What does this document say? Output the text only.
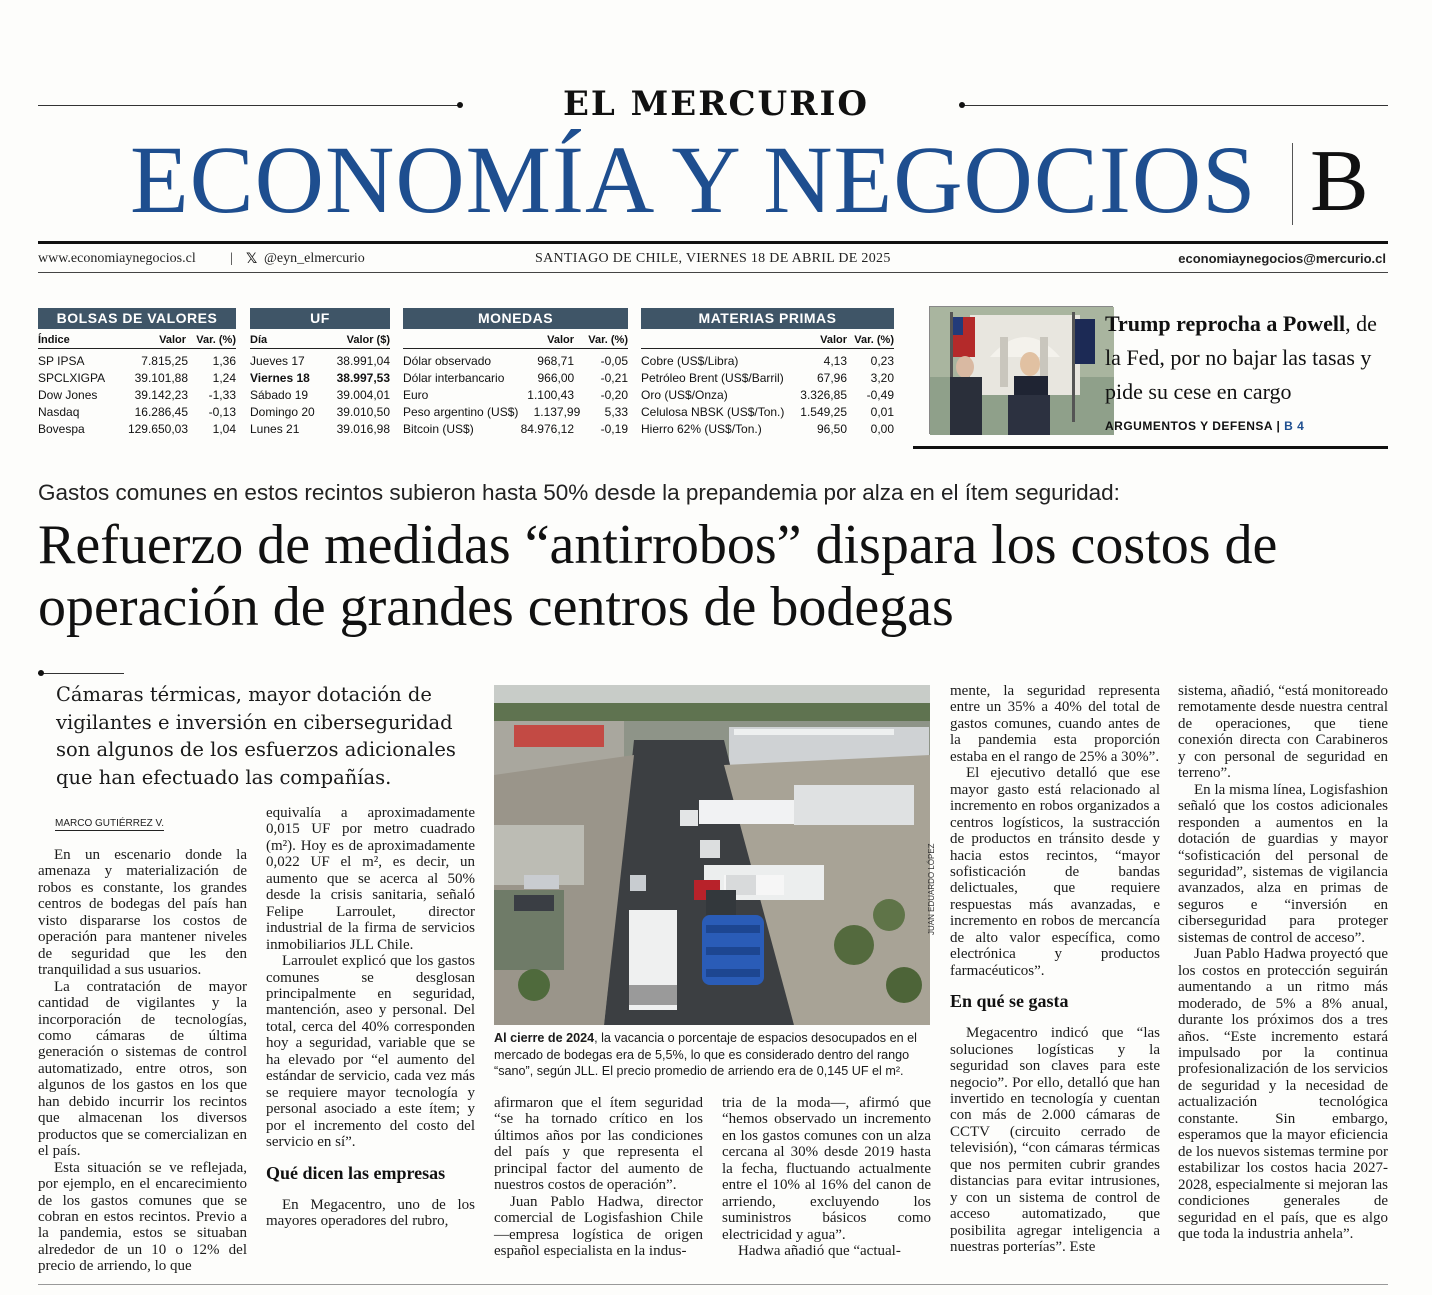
EL MERCURIO
ECONOMÍA Y NEGOCIOS B
www.economiaynegocios.cl | 𝕏 @eyn_elmercurio	SANTIAGO DE CHILE, VIERNES 18 DE ABRIL DE 2025	economiaynegocios@mercurio.cl
BOLSAS DE VALORES
Índice	Valor Var. (%)
SP IPSA	7.815,25	1,36
SPCLXIGPA	39.101,88	1,24
Dow Jones	39.142,23	-1,33
Nasdaq	16.286,45	-0,13
Bovespa	129.650,03	1,04
UF
Día	Valor ($)
Jueves 17	38.991,04
Viernes 18	38.997,53
Sábado 19	39.004,01
Domingo 20	39.010,50
Lunes 21	39.016,98
MONEDAS
Valor	Var. (%)
Dólar observado	968,71	-0,05
Dólar interbancario	966,00	-0,21
Euro	1.100,43	-0,20
Peso argentino (US$)	1.137,99	5,33
Bitcoin (US$)	84.976,12	-0,19
MATERIAS PRIMAS
Valor Var. (%)
Cobre (US$/Libra)	4,13	0,23
Petróleo Brent (US$/Barril)	67,96	3,20
Oro (US$/Onza)	3.326,85	-0,49
Celulosa NBSK (US$/Ton.)	1.549,25	0,01
Hierro 62% (US$/Ton.)	96,50	0,00
Trump reprocha a Powell, de la Fed, por no bajar las tasas y pide su cese en cargo
ARGUMENTOS Y DEFENSA | B 4
Gastos comunes en estos recintos subieron hasta 50% desde la prepandemia por alza en el ítem seguridad:
Refuerzo de medidas “antirrobos” dispara los costos de operación de grandes centros de bodegas
Cámaras térmicas, mayor dotación de vigilantes e inversión en ciberseguridad son algunos de los esfuerzos adicionales que han efectuado las compañías.
MARCO GUTIÉRREZ V.

En un escenario donde la amenaza y materialización de robos es constante, los grandes centros de bodegas del país han visto dispararse los costos de operación para mantener niveles de seguridad que les den tranquilidad a sus usuarios.

La contratación de mayor cantidad de vigilantes y la incorporación de tecnologías, como cámaras de última generación o sistemas de control automatizado, entre otros, son algunos de los gastos en los que han debido incurrir los recintos que almacenan los diversos productos que se comercializan en el país.

Esta situación se ve reflejada, por ejemplo, en el encarecimiento de los gastos comunes que se cobran en estos recintos. Previo a la pandemia, estos se situaban alrededor de un 10 o 12% del precio de arriendo, lo que

equivalía a aproximadamente 0,015 UF por metro cuadrado (m²). Hoy es de aproximadamente 0,022 UF el m², es decir, un aumento que se acerca al 50% desde la crisis sanitaria, señaló Felipe Larroulet, director industrial de la firma de servicios inmobiliarios JLL Chile.

Larroulet explicó que los gastos comunes se desglosan principalmente en seguridad, mantención, aseo y personal. Del total, cerca del 40% corresponden hoy a seguridad, variable que se ha elevado por “el aumento del estándar de servicio, cada vez más se requiere mayor tecnología y personal asociado a este ítem; y por el incremento del costo del servicio en sí”.

Qué dicen las empresas

En Megacentro, uno de los mayores operadores del rubro,

JUAN EDUARDO LÓPEZ
Al cierre de 2024, la vacancia o porcentaje de espacios desocupados en el mercado de bodegas era de 5,5%, lo que es considerado dentro del rango “sano”, según JLL. El precio promedio de arriendo era de 0,145 UF el m².

afirmaron que el ítem seguridad “se ha tornado crítico en los últimos años por las condiciones del país y que representa el principal factor del aumento de nuestros costos de operación”.

Juan Pablo Hadwa, director comercial de Logisfashion Chile —empresa logística de origen español especialista en la indus-

tria de la moda—, afirmó que “hemos observado un incremento en los gastos comunes con un alza cercana al 30% desde 2019 hasta la fecha, fluctuando actualmente entre el 10% al 16% del canon de arriendo, excluyendo los suministros básicos como electricidad y agua”.

Hadwa añadió que “actual-

mente, la seguridad representa entre un 35% a 40% del total de gastos comunes, cuando antes de la pandemia esta proporción estaba en el rango de 25% a 30%”.

El ejecutivo detalló que ese mayor gasto está relacionado al incremento en robos organizados a centros logísticos, la sustracción de productos en tránsito desde y hacia estos recintos, “mayor sofisticación de bandas delictuales, que requiere respuestas más avanzadas, e incremento en robos de mercancía de alto valor específica, como electrónica y productos farmacéuticos”.

En qué se gasta

Megacentro indicó que “las soluciones logísticas y la seguridad son claves para este negocio”. Por ello, detalló que han invertido en tecnología y cuentan con más de 2.000 cámaras de CCTV (circuito cerrado de televisión), “con cámaras térmicas que nos permiten cubrir grandes distancias para evitar intrusiones, y con un sistema de control de acceso automatizado, que posibilita agregar inteligencia a nuestras porterías”. Este

sistema, añadió, “está monitoreado remotamente desde nuestra central de operaciones, que tiene conexión directa con Carabineros y con personal de seguridad en terreno”.

En la misma línea, Logisfashion señaló que los costos adicionales responden a aumentos en la dotación de guardias y mayor “sofisticación del personal de seguridad”, sistemas de vigilancia avanzados, alza en primas de seguros e “inversión en ciberseguridad para proteger sistemas de control de acceso”.

Juan Pablo Hadwa proyectó que los costos en protección seguirán aumentando a un ritmo más moderado, de 5% a 8% anual, durante los próximos dos a tres años. “Este incremento estará impulsado por la continua profesionalización de los servicios de seguridad y la necesidad de actualización tecnológica constante. Sin embargo, esperamos que la mayor eficiencia de los nuevos sistemas termine por estabilizar los costos hacia 2027-2028, especialmente si mejoran las condiciones generales de seguridad en el país, que es algo que toda la industria anhela”.
